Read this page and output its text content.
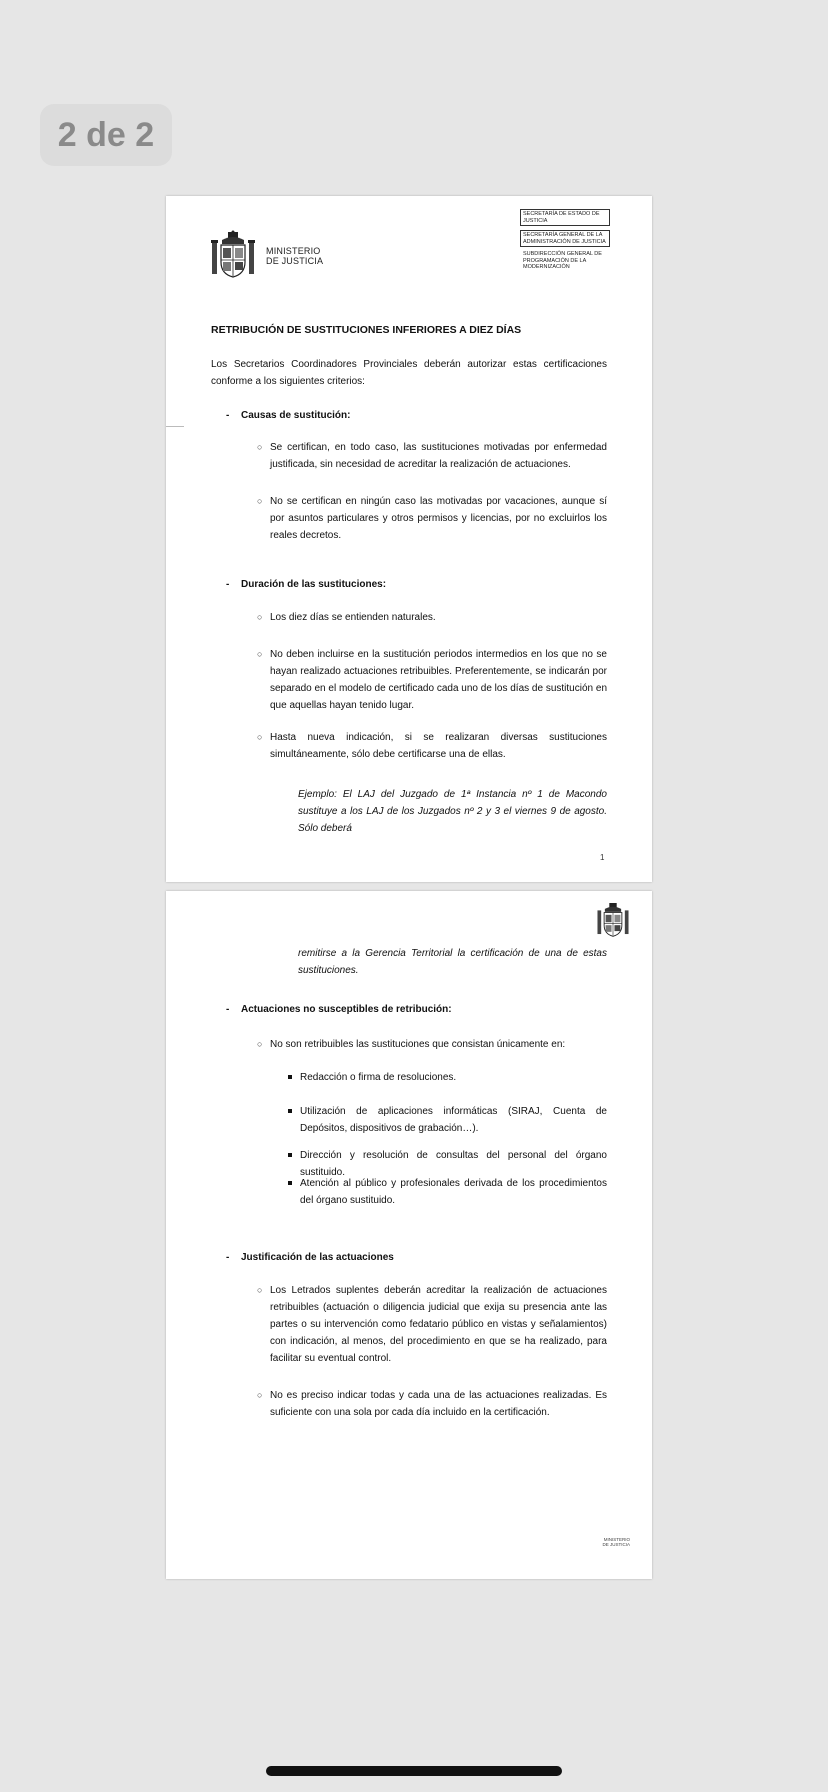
2 de 2
MINISTERIO
DE JUSTICIA
SECRETARÍA DE ESTADO DE JUSTICIA
SECRETARÍA GENERAL DE LA ADMINISTRACIÓN DE JUSTICIA
SUBDIRECCIÓN GENERAL DE PROGRAMACIÓN DE LA MODERNIZACIÓN
RETRIBUCIÓN DE SUSTITUCIONES INFERIORES A DIEZ DÍAS
Los Secretarios Coordinadores Provinciales deberán autorizar estas certificaciones conforme a los siguientes criterios:
- Causas de sustitución:
○ Se certifican, en todo caso, las sustituciones motivadas por enfermedad justificada, sin necesidad de acreditar la realización de actuaciones.
○ No se certifican en ningún caso las motivadas por vacaciones, aunque sí por asuntos particulares y otros permisos y licencias, por no excluirlos los reales decretos.
- Duración de las sustituciones:
○ Los diez días se entienden naturales.
○ No deben incluirse en la sustitución periodos intermedios en los que no se hayan realizado actuaciones retribuibles. Preferentemente, se indicarán por separado en el modelo de certificado cada uno de los días de sustitución en que aquellas hayan tenido lugar.
○ Hasta nueva indicación, si se realizaran diversas sustituciones simultáneamente, sólo debe certificarse una de ellas.
Ejemplo: El LAJ del Juzgado de 1ª Instancia nº 1 de Macondo sustituye a los LAJ de los Juzgados nº 2 y 3 el viernes 9 de agosto. Sólo deberá
1
remitirse a la Gerencia Territorial la certificación de una de estas sustituciones.
- Actuaciones no susceptibles de retribución:
○ No son retribuibles las sustituciones que consistan únicamente en:
Redacción o firma de resoluciones.
Utilización de aplicaciones informáticas (SIRAJ, Cuenta de Depósitos, dispositivos de grabación…).
Dirección y resolución de consultas del personal del órgano sustituido.
Atención al público y profesionales derivada de los procedimientos del órgano sustituido.
- Justificación de las actuaciones
○ Los Letrados suplentes deberán acreditar la realización de actuaciones retribuibles (actuación o diligencia judicial que exija su presencia ante las partes o su intervención como fedatario público en vistas y señalamientos) con indicación, al menos, del procedimiento en que se ha realizado, para facilitar su eventual control.
○ No es preciso indicar todas y cada una de las actuaciones realizadas. Es suficiente con una sola por cada día incluido en la certificación.
MINISTERIO
DE JUSTICIA
